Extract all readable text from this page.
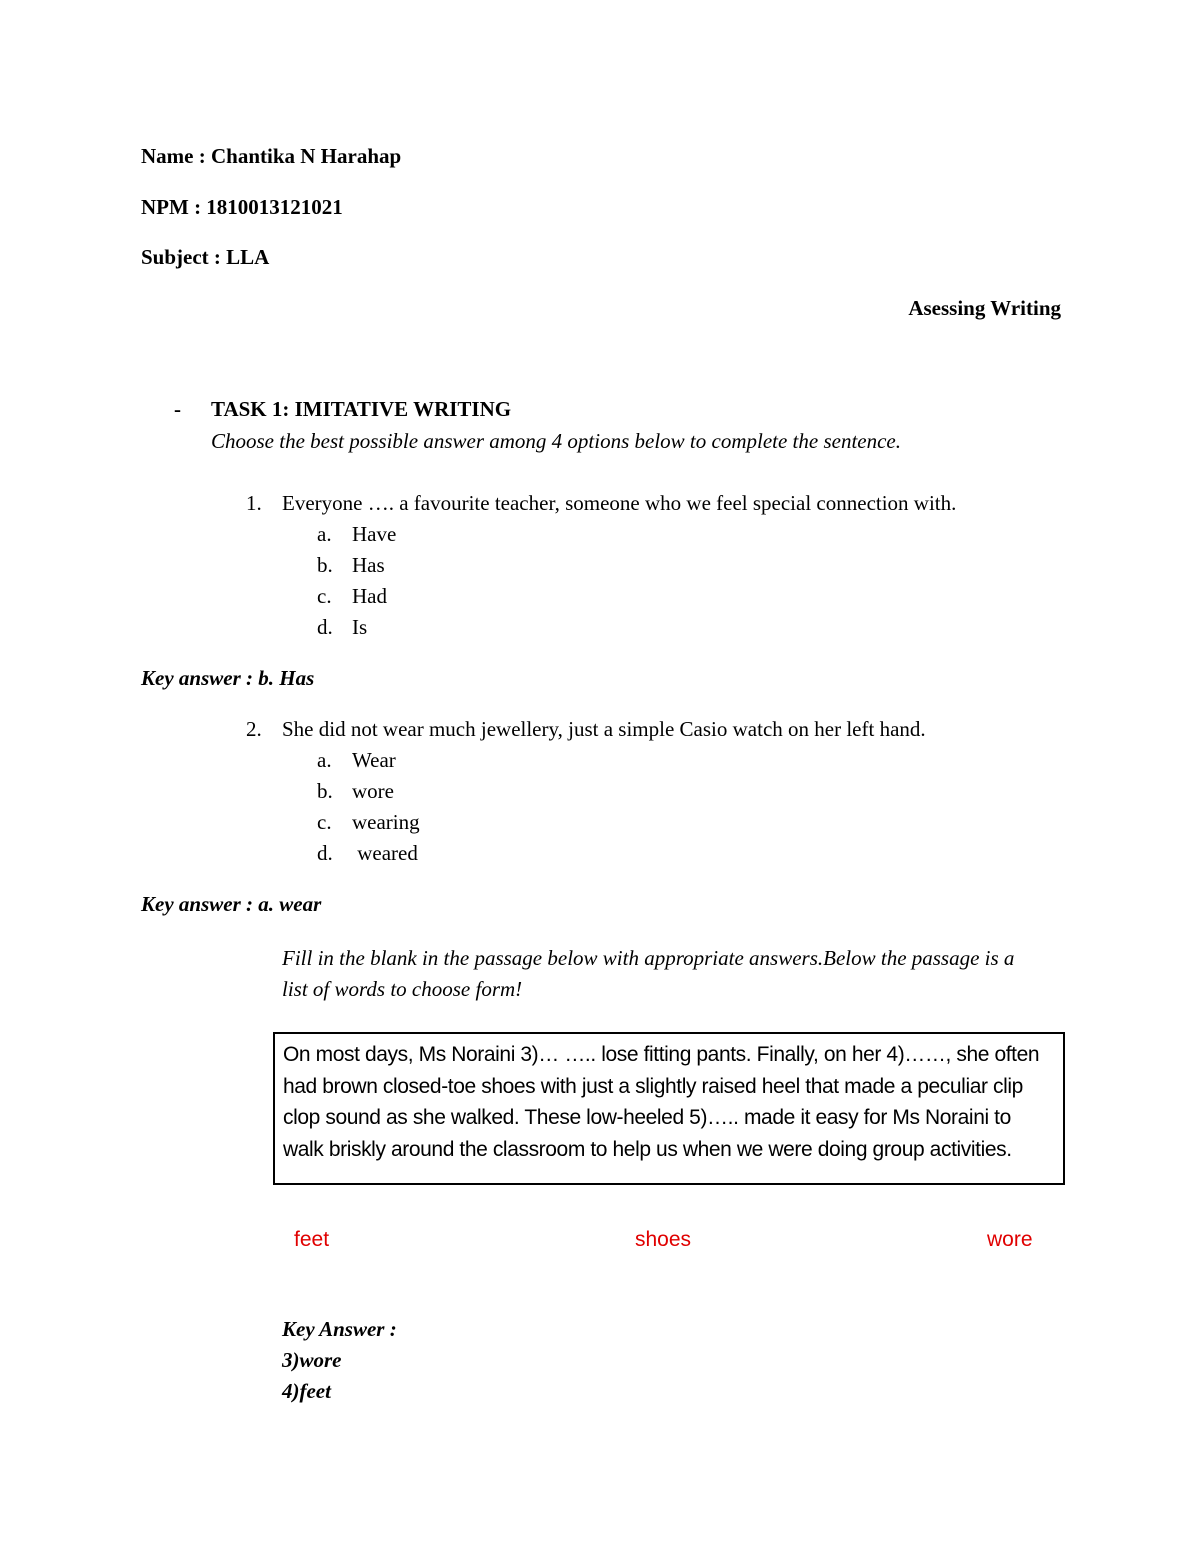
Name : Chantika N Harahap
NPM : 1810013121021
Subject : LLA
Asessing Writing
- TASK 1: IMITATIVE WRITING
Choose the best possible answer among 4 options below to complete the sentence.
1. Everyone …. a favourite teacher, someone who we feel special connection with.
a. Have
b. Has
c. Had
d. Is
Key answer : b. Has
2. She did not wear much jewellery, just a simple Casio watch on her left hand.
a. Wear
b. wore
c. wearing
d. weared
Key answer : a. wear
Fill in the blank in the passage below with appropriate answers.Below the passage is a list of words to choose form!
On most days, Ms Noraini 3)… ….. lose fitting pants. Finally, on her 4)……, she often had brown closed-toe shoes with just a slightly raised heel that made a peculiar clip clop sound as she walked. These low-heeled 5)….. made it easy for Ms Noraini to walk briskly around the classroom to help us when we were doing group activities.
feet	shoes	wore
Key Answer :
3)wore
4)feet
